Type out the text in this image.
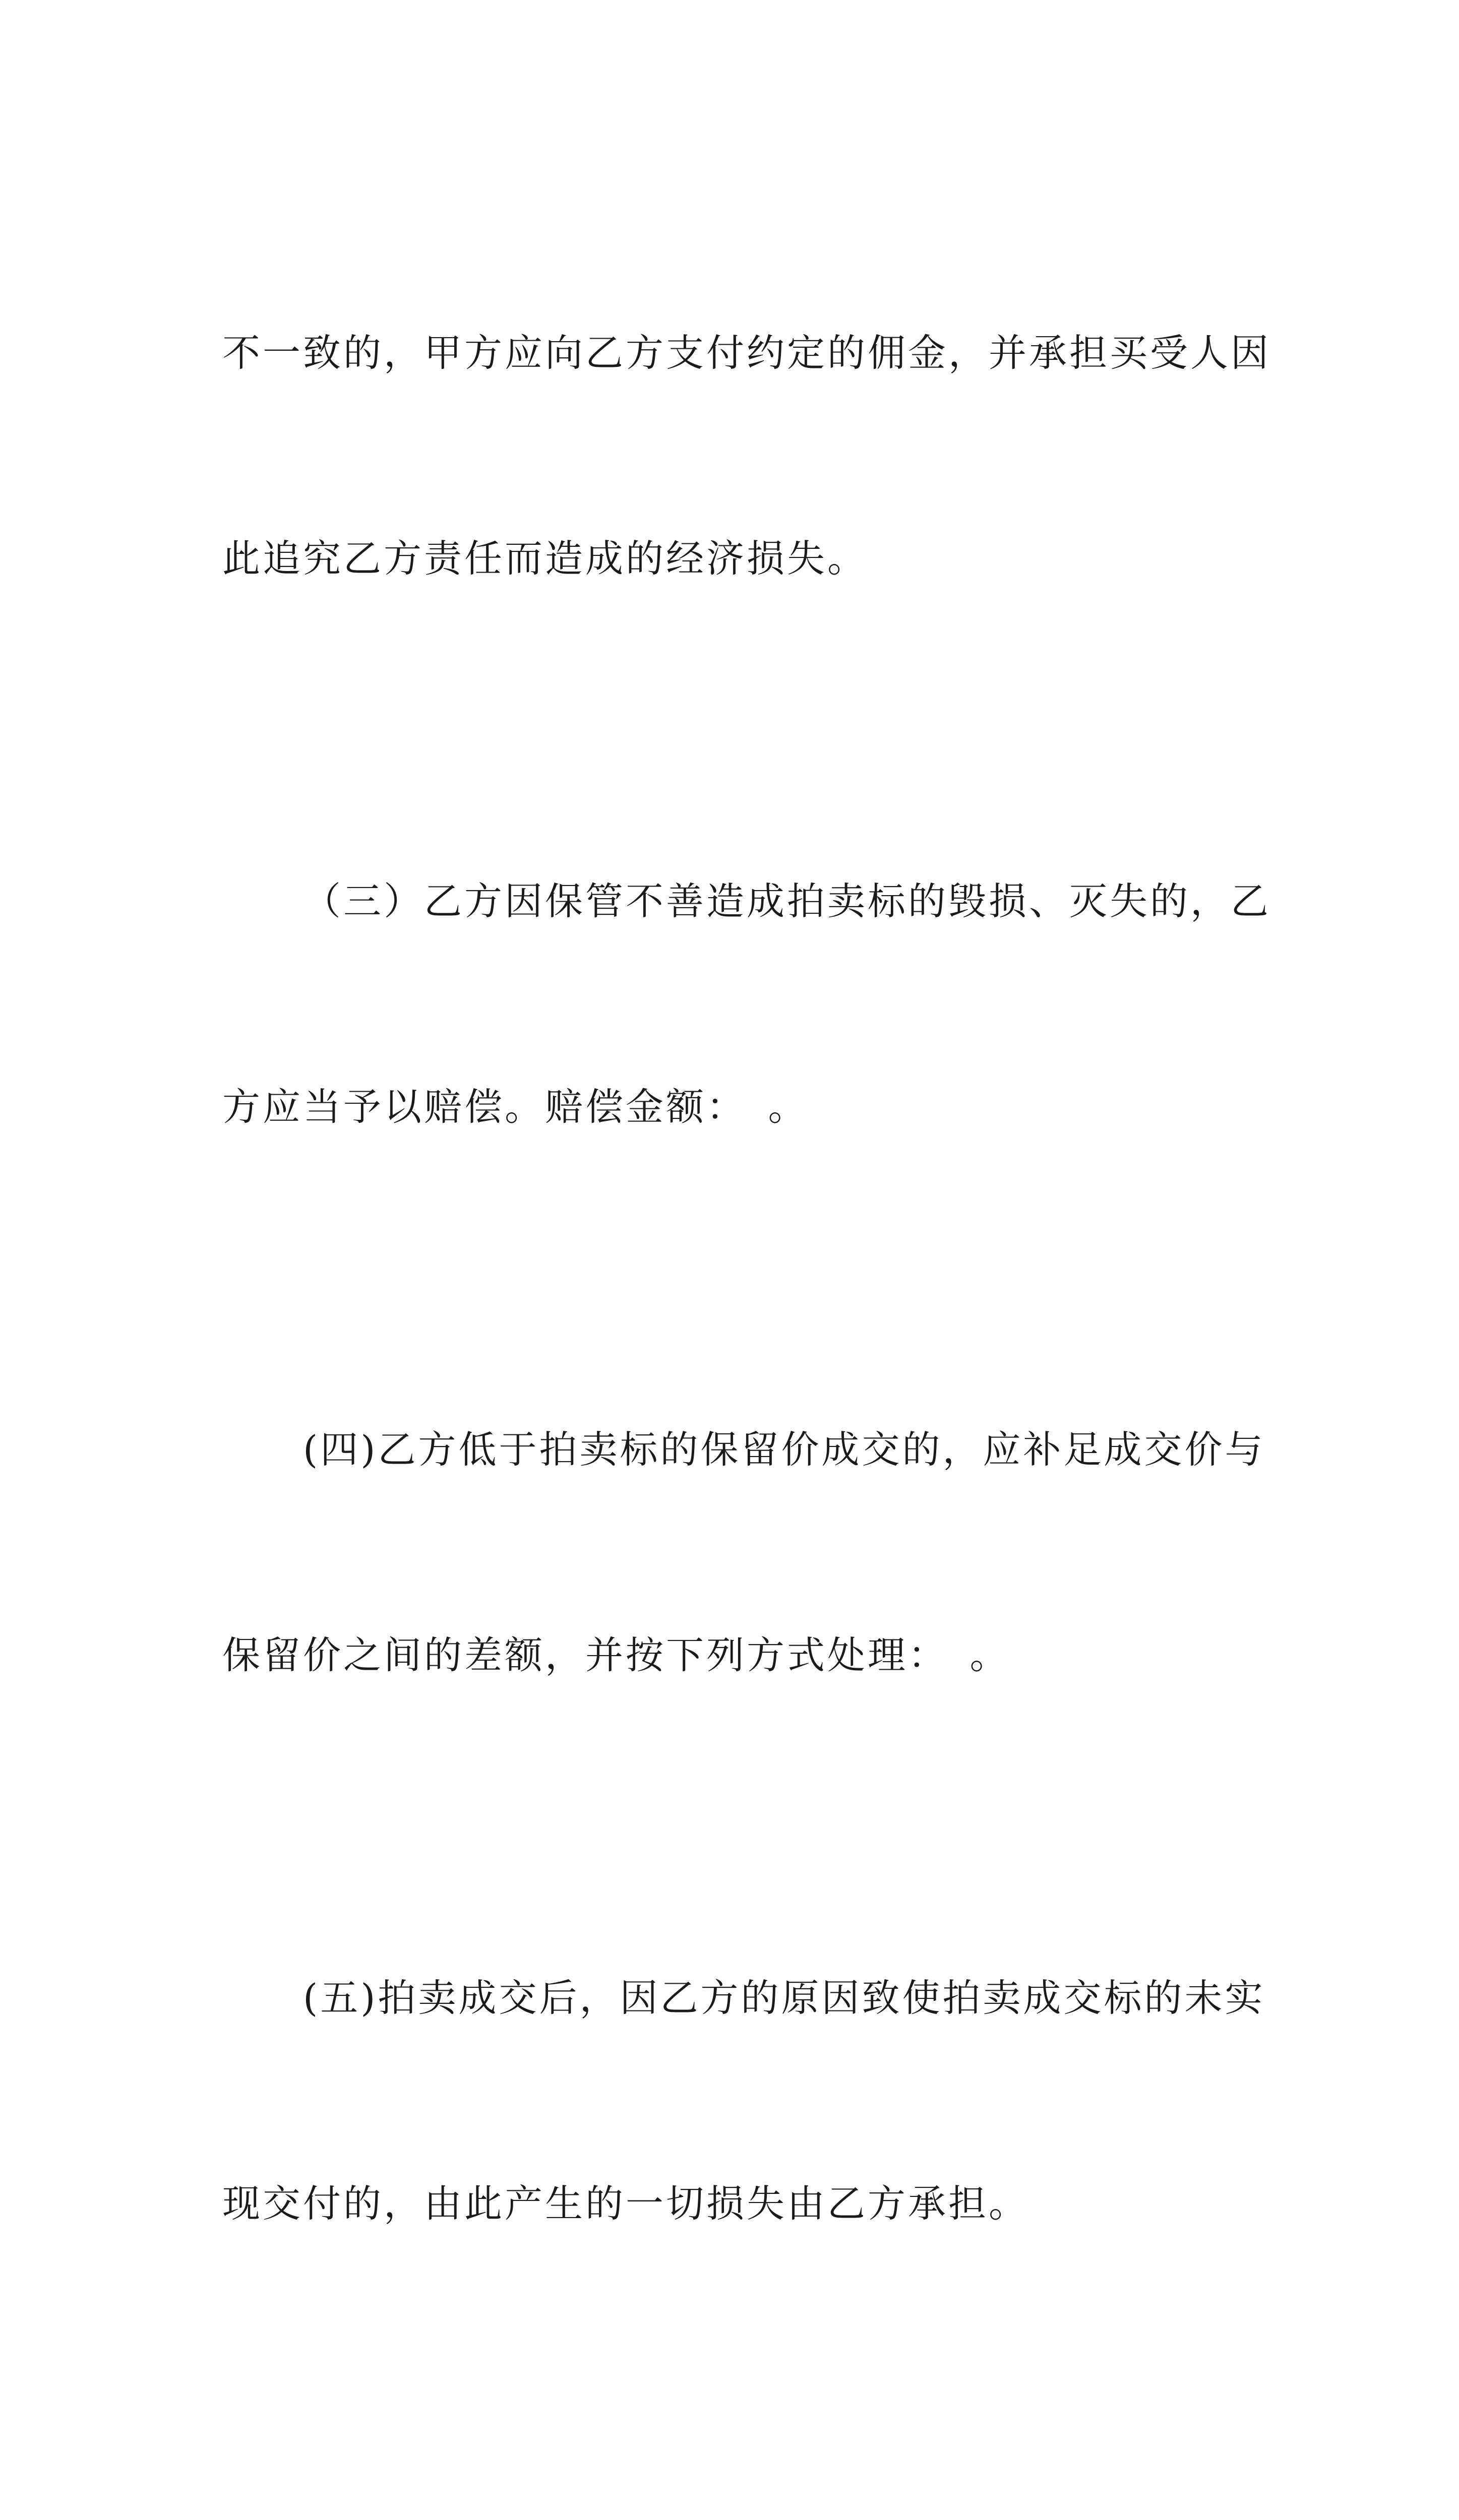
不一致的，甲方应向乙方支付约定的佣金，并承担买受人因

此追究乙方责任而造成的经济损失。

（三）乙方因保管不善造成拍卖标的毁损、灭失的，乙

方应当予以赔偿。赔偿金额：　。

(四)乙方低于拍卖标的保留价成交的，应补足成交价与

保留价之间的差额，并按下列方式处理：　。

(五)拍卖成交后，因乙方的原因致使拍卖成交标的未实

现交付的，由此产生的一切损失由乙方承担。
